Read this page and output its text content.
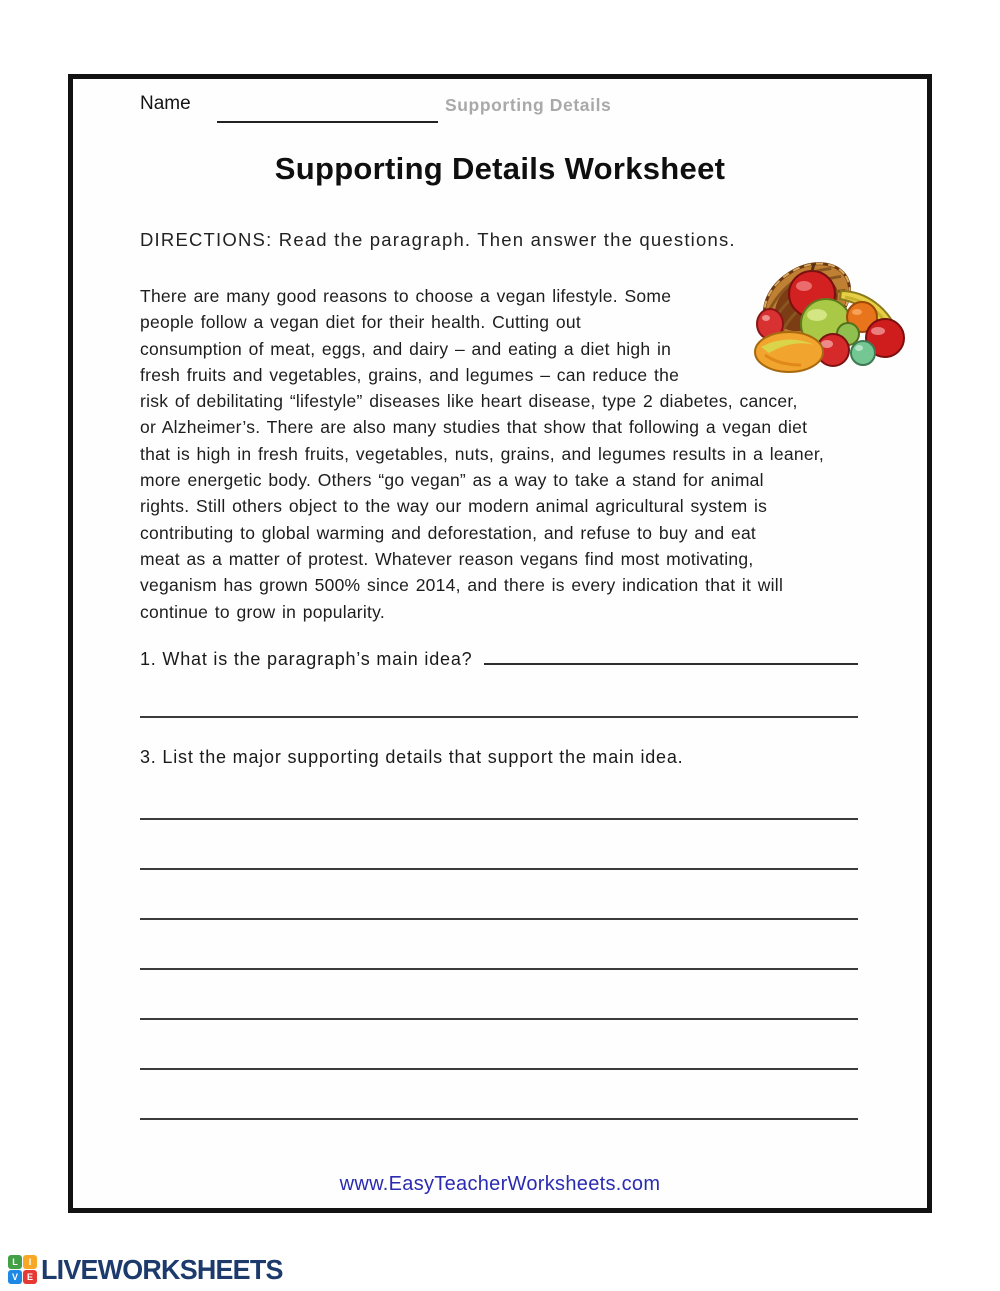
Name	Supporting Details
Supporting Details Worksheet
DIRECTIONS: Read the paragraph. Then answer the questions.
There are many good reasons to choose a vegan lifestyle. Some
people follow a vegan diet for their health. Cutting out
consumption of meat, eggs, and dairy – and eating a diet high in
fresh fruits and vegetables, grains, and legumes – can reduce the
risk of debilitating “lifestyle” diseases like heart disease, type 2 diabetes, cancer,
or Alzheimer’s. There are also many studies that show that following a vegan diet
that is high in fresh fruits, vegetables, nuts, grains, and legumes results in a leaner,
more energetic body. Others “go vegan” as a way to take a stand for animal
rights. Still others object to the way our modern animal agricultural system is
contributing to global warming and deforestation, and refuse to buy and eat
meat as a matter of protest. Whatever reason vegans find most motivating,
veganism has grown 500% since 2014, and there is every indication that it will
continue to grow in popularity.
1. What is the paragraph’s main idea?
3. List the major supporting details that support the main idea.
www.EasyTeacherWorksheets.com
L	I
V E LIVEWORKSHEETS
